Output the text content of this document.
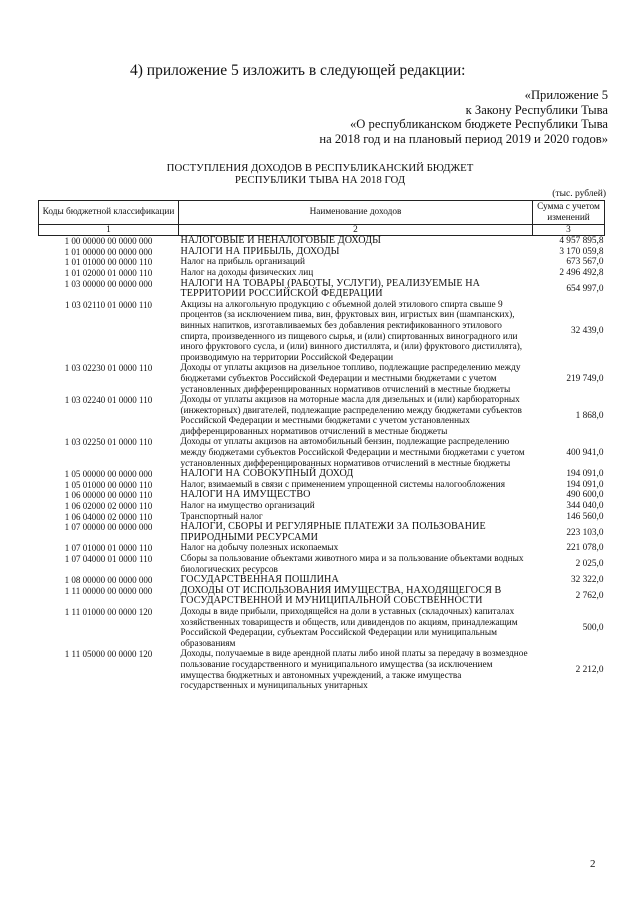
4) приложение 5 изложить в следующей редакции:
«Приложение 5
к Закону Республики Тыва
«О республиканском бюджете Республики Тыва
на 2018 год и на плановый период 2019 и 2020 годов»
ПОСТУПЛЕНИЯ ДОХОДОВ В РЕСПУБЛИКАНСКИЙ БЮДЖЕТ
РЕСПУБЛИКИ ТЫВА НА 2018 ГОД
(тыс. рублей)
Коды бюджетной классификации	Наименование доходов	Сумма с учетом изменений
1	2	3
1 00 00000 00 0000 000	НАЛОГОВЫЕ И НЕНАЛОГОВЫЕ ДОХОДЫ	4 957 895,8
1 01 00000 00 0000 000	НАЛОГИ НА ПРИБЫЛЬ, ДОХОДЫ	3 170 059,8
1 01 01000 00 0000 110	Налог на прибыль организаций	673 567,0
1 01 02000 01 0000 110	Налог на доходы физических лиц	2 496 492,8
1 03 00000 00 0000 000	НАЛОГИ НА ТОВАРЫ (РАБОТЫ, УСЛУГИ), РЕАЛИЗУЕМЫЕ НА ТЕРРИТОРИИ РОССИЙСКОЙ ФЕДЕРАЦИИ	654 997,0
1 03 02110 01 0000 110	Акцизы на алкогольную продукцию с объемной долей этилового спирта свыше 9 процентов (за исключением пива, вин, фруктовых вин, игристых вин (шампанских), винных напитков, изготавливаемых без добавления ректификованного этилового спирта, произведенного из пищевого сырья, и (или) спиртованных виноградного или иного фруктового сусла, и (или) винного дистиллята, и (или) фруктового дистиллята), производимую на территории Российской Федерации	32 439,0
1 03 02230 01 0000 110	Доходы от уплаты акцизов на дизельное топливо, подлежащие распределению между бюджетами субъектов Российской Федерации и местными бюджетами с учетом установленных дифференцированных нормативов отчислений в местные бюджеты	219 749,0
1 03 02240 01 0000 110	Доходы от уплаты акцизов на моторные масла для дизельных и (или) карбюраторных (инжекторных) двигателей, подлежащие распределению между бюджетами субъектов Российской Федерации и местными бюджетами с учетом установленных дифференцированных нормативов отчислений в местные бюджеты	1 868,0
1 03 02250 01 0000 110	Доходы от уплаты акцизов на автомобильный бензин, подлежащие распределению между бюджетами субъектов Российской Федерации и местными бюджетами с учетом установленных дифференцированных нормативов отчислений в местные бюджеты	400 941,0
1 05 00000 00 0000 000	НАЛОГИ НА СОВОКУПНЫЙ ДОХОД	194 091,0
1 05 01000 00 0000 110	Налог, взимаемый в связи с применением упрощенной системы налогообложения	194 091,0
1 06 00000 00 0000 110	НАЛОГИ НА ИМУЩЕСТВО	490 600,0
1 06 02000 02 0000 110	Налог на имущество организаций	344 040,0
1 06 04000 02 0000 110	Транспортный налог	146 560,0
1 07 00000 00 0000 000	НАЛОГИ, СБОРЫ И РЕГУЛЯРНЫЕ ПЛАТЕЖИ ЗА ПОЛЬЗОВАНИЕ ПРИРОДНЫМИ РЕСУРСАМИ	223 103,0
1 07 01000 01 0000 110	Налог на добычу полезных ископаемых	221 078,0
1 07 04000 01 0000 110	Сборы за пользование объектами животного мира и за пользование объектами водных биологических ресурсов	2 025,0
1 08 00000 00 0000 000	ГОСУДАРСТВЕННАЯ ПОШЛИНА	32 322,0
1 11 00000 00 0000 000	ДОХОДЫ ОТ ИСПОЛЬЗОВАНИЯ ИМУЩЕСТВА, НАХОДЯЩЕГОСЯ В ГОСУДАРСТВЕННОЙ И МУНИЦИПАЛЬНОЙ СОБСТВЕННОСТИ	2 762,0
1 11 01000 00 0000 120	Доходы в виде прибыли, приходящейся на доли в уставных (складочных) капиталах хозяйственных товариществ и обществ, или дивидендов по акциям, принадлежащим Российской Федерации, субъектам Российской Федерации или муниципальным образованиям	500,0
1 11 05000 00 0000 120	Доходы, получаемые в виде арендной платы либо иной платы за передачу в возмездное пользование государственного и муниципального имущества (за исключением имущества бюджетных и автономных учреждений, а также имущества государственных и муниципальных унитарных	2 212,0
2
